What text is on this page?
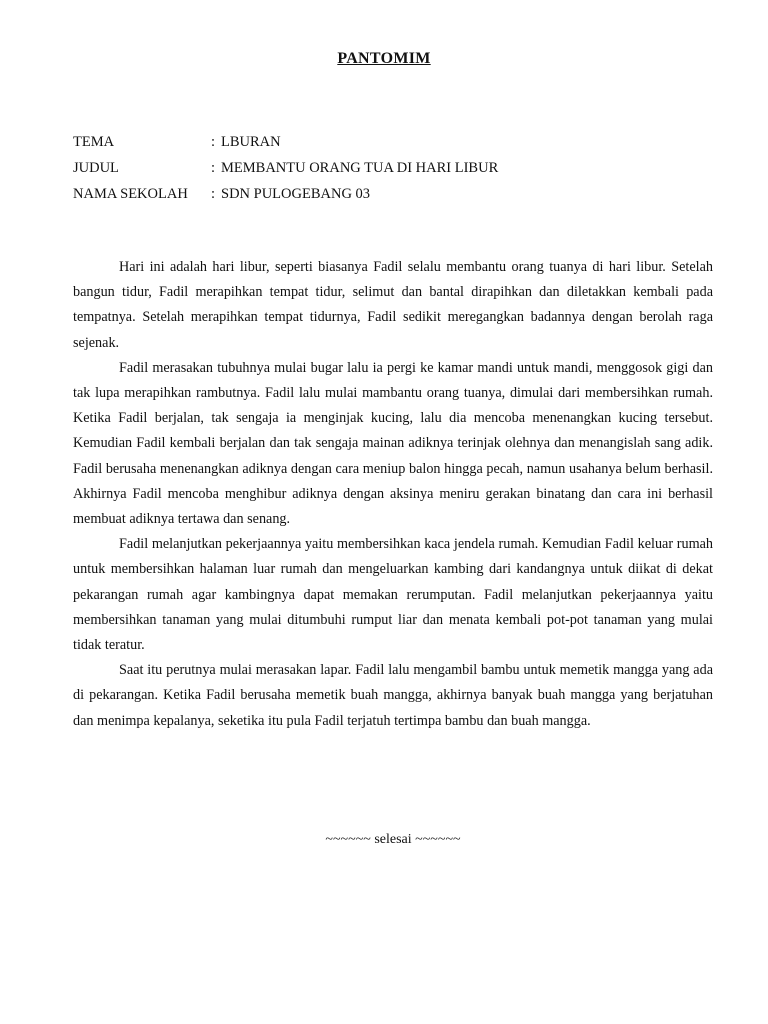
PANTOMIM
TEMA	: LBURAN
JUDUL	: MEMBANTU ORANG TUA DI HARI LIBUR
NAMA SEKOLAH	: SDN PULOGEBANG 03

Hari ini adalah hari libur, seperti biasanya Fadil selalu membantu orang tuanya di hari libur. Setelah bangun tidur, Fadil merapihkan tempat tidur, selimut dan bantal dirapihkan dan diletakkan kembali pada tempatnya. Setelah merapihkan tempat tidurnya, Fadil sedikit meregangkan badannya dengan berolah raga sejenak.

Fadil merasakan tubuhnya mulai bugar lalu ia pergi ke kamar mandi untuk mandi, menggosok gigi dan tak lupa merapihkan rambutnya. Fadil lalu mulai mambantu orang tuanya, dimulai dari membersihkan rumah. Ketika Fadil berjalan, tak sengaja ia menginjak kucing, lalu dia mencoba menenangkan kucing tersebut. Kemudian Fadil kembali berjalan dan tak sengaja mainan adiknya terinjak olehnya dan menangislah sang adik. Fadil berusaha menenangkan adiknya dengan cara meniup balon hingga pecah, namun usahanya belum berhasil. Akhirnya Fadil mencoba menghibur adiknya dengan aksinya meniru gerakan binatang dan cara ini berhasil membuat adiknya tertawa dan senang.

Fadil melanjutkan pekerjaannya yaitu membersihkan kaca jendela rumah. Kemudian Fadil keluar rumah untuk membersihkan halaman luar rumah dan mengeluarkan kambing dari kandangnya untuk diikat di dekat pekarangan rumah agar kambingnya dapat memakan rerumputan. Fadil melanjutkan pekerjaannya yaitu membersihkan tanaman yang mulai ditumbuhi rumput liar dan menata kembali pot-pot tanaman yang mulai tidak teratur.

Saat itu perutnya mulai merasakan lapar. Fadil lalu mengambil bambu untuk memetik mangga yang ada di pekarangan. Ketika Fadil berusaha memetik buah mangga, akhirnya banyak buah mangga yang berjatuhan dan menimpa kepalanya, seketika itu pula Fadil terjatuh tertimpa bambu dan buah mangga.

~~~~~~ selesai ~~~~~~
